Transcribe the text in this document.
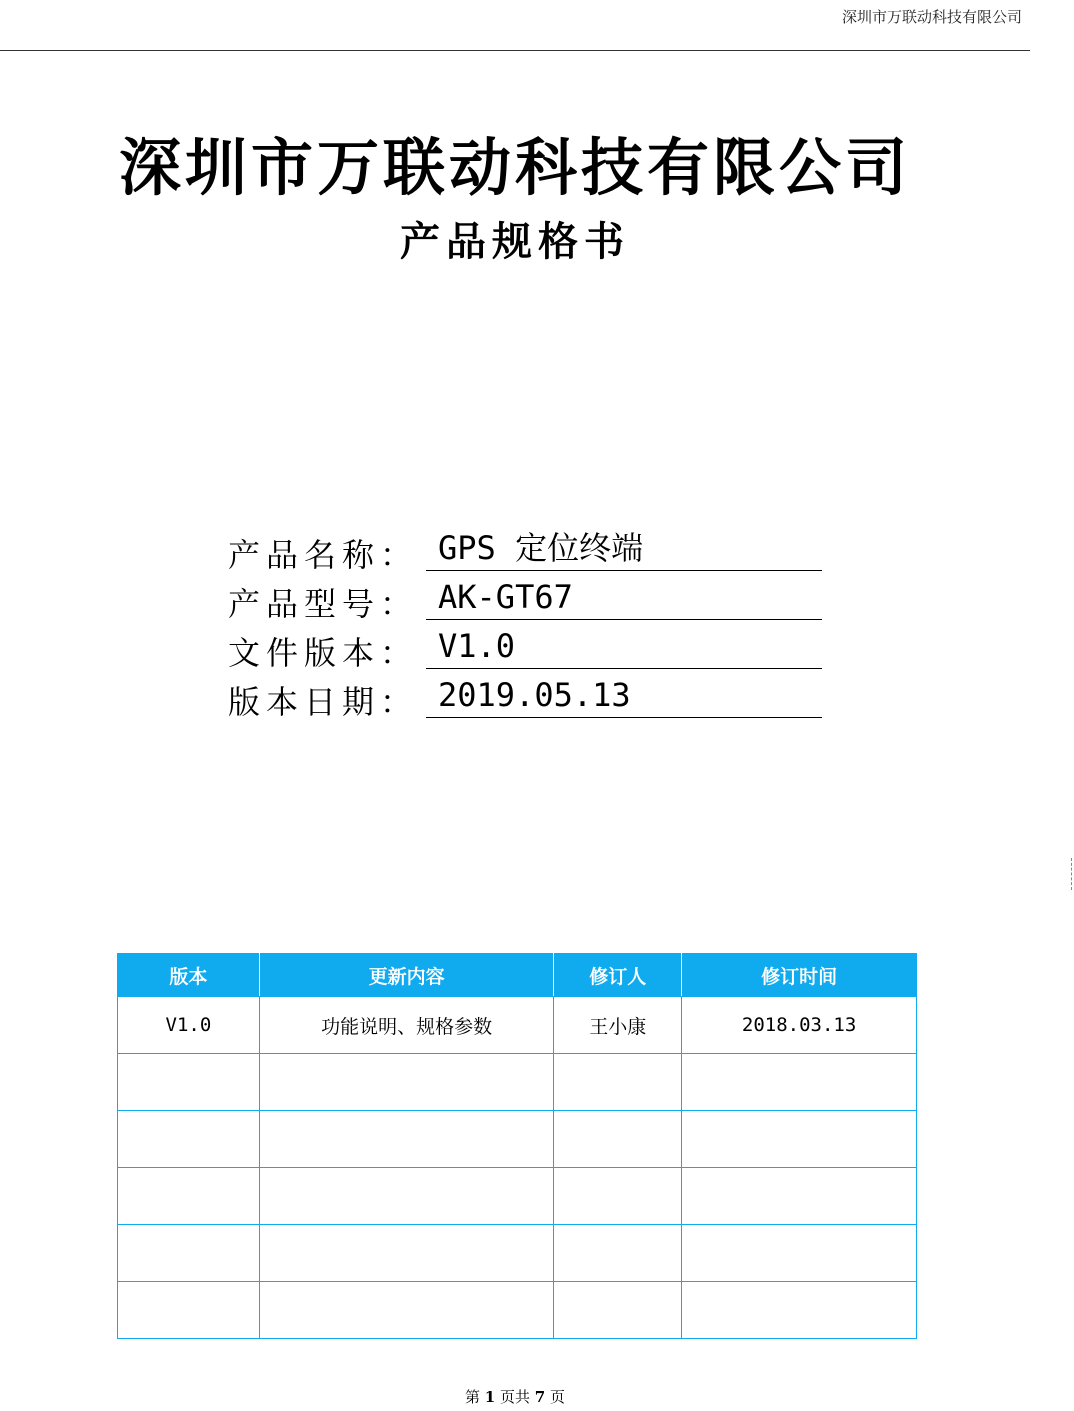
深圳市万联动科技有限公司
深圳市万联动科技有限公司
产品规格书
产品名称： GPS 定位终端
产品型号： AK-GT67
文件版本： V1.0
版本日期： 2019.05.13
版本	更新内容	修订人	修订时间
V1.0	功能说明、规格参数	王小康	2018.03.13

第 1 页共 7 页
